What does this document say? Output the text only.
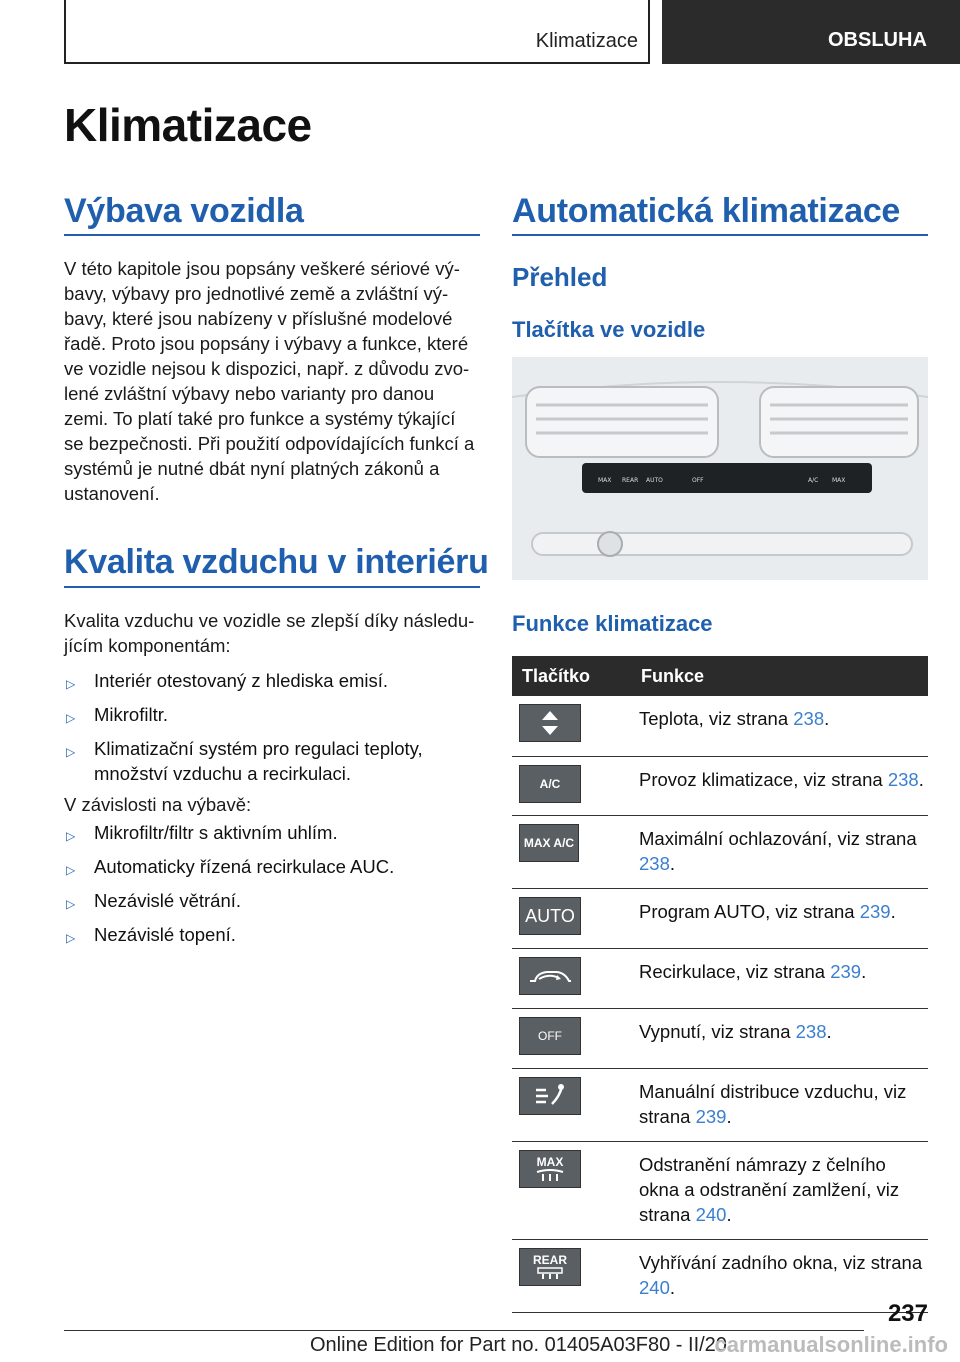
Klimatizace	OBSLUHA
Klimatizace
Výbava vozidla
V této kapitole jsou popsány veškeré sériové vý-
bavy, výbavy pro jednotlivé země a zvláštní vý-
bavy, které jsou nabízeny v příslušné modelové
řadě. Proto jsou popsány i výbavy a funkce, které
ve vozidle nejsou k dispozici, např. z důvodu zvo-
lené zvláštní výbavy nebo varianty pro danou
zemi. To platí také pro funkce a systémy týkající
se bezpečnosti. Při použití odpovídajících funkcí a
systémů je nutné dbát nyní platných zákonů a
ustanovení.
Kvalita vzduchu v interiéru
Kvalita vzduchu ve vozidle se zlepší díky následu-
jícím komponentám:
▷ Interiér otestovaný z hlediska emisí.
▷ Mikrofiltr.
▷ Klimatizační systém pro regulaci teploty, množství vzduchu a recirkulaci.
V závislosti na výbavě:
▷ Mikrofiltr/filtr s aktivním uhlím.
▷ Automaticky řízená recirkulace AUC.
▷ Nezávislé větrání.
▷ Nezávislé topení.
Automatická klimatizace
Přehled
Tlačítka ve vozidle
MAX REAR AUTO	OFF	A/C MAX
Funkce klimatizace
Tlačítko	Funkce

	Teplota, viz strana 238.

A/C	Provoz klimatizace, viz strana 238.

MAX A/C	Maximální ochlazování, viz strana 238.

AUTO	Program AUTO, viz strana 239.

	Recirkulace, viz strana 239.

OFF	Vypnutí, viz strana 238.

	Manuální distribuce vzduchu, viz strana 239.

MAX	Odstranění námrazy z čelního okna a odstranění zamlžení, viz strana 240.

REAR	Vyhřívání zadního okna, viz strana 240.
237
Online Edition for Part no. 01405A03F80 - II/20
carmanualsonline.info
